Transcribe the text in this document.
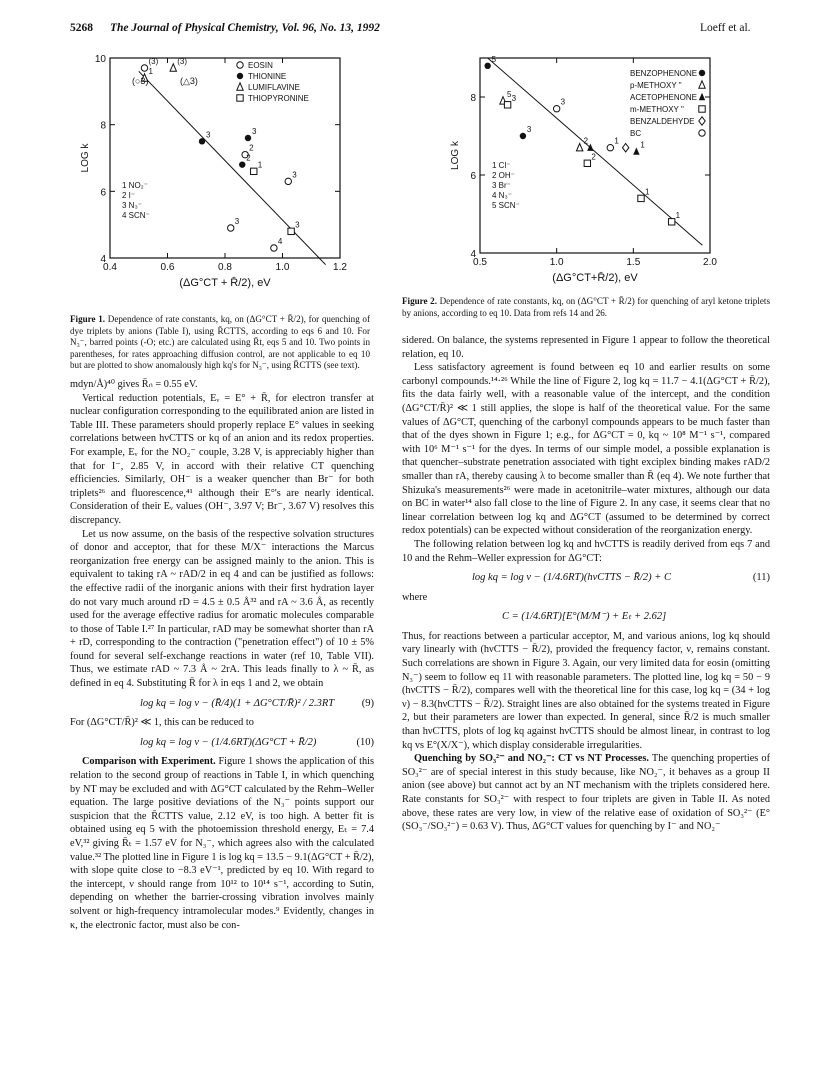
5268 The Journal of Physical Chemistry, Vol. 96, No. 13, 1992	Loeff et al.
0.4	0.6	0.8	1.0	1.2
4
6
8
10	(3)
2
3
3
4
3	3
2
1
(3)
1
3
LOG k
(ΔG°CT + R̄/2), eV
EOSIN
THIONINE
LUMIFLAVINE
THIOPYRONINE
1 NO₂⁻
2 I⁻
3 N₃⁻
4 SCN⁻
(○3)	(△3)
Figure 1. Dependence of rate constants, kq, on (ΔG°CT + R̄/2), for quenching of dye triplets by anions (Table I), using R̄CTTS, according to eqs 6 and 10. For N₃⁻, barred points (-O; etc.) are calculated using R̄t, eqs 5 and 10. Two points in parentheses, for rates approaching diffusion control, are not applicable to eq 10 but are plotted to show anomalously high kq's for N₃⁻, using R̄CTTS (see text).
0.5	1.0	1.5	2.0
4
6
8
5
3
5
2	1
3
2
1
1
1
3
LOG k
(ΔG°CT+R̄/2), eV
BENZOPHENONE
p-METHOXY "
ACETOPHENONE
m-METHOXY "
BENZALDEHYDE
BC
1 Cl⁻
2 OH⁻
3 Br⁻
4 N₃⁻
5 SCN⁻
Figure 2. Dependence of rate constants, kq, on (ΔG°CT + R̄/2) for quenching of aryl ketone triplets by anions, according to eq 10. Data from refs 14 and 26.

mdyn/Å)⁴⁰ gives R̄ₙ = 0.55 eV.

Vertical reduction potentials, Eᵥ = E° + R̄, for electron transfer at nuclear configuration corresponding to the equilibrated anion are listed in Table III. These parameters should properly replace E° values in seeking correlations between hνCTTS or kq of an anion and its redox properties. For example, Eᵥ for the NO₂⁻ couple, 3.28 V, is appreciably higher than that for I⁻, 2.85 V, in accord with their relative CT quenching efficiencies. Similarly, OH⁻ is a weaker quencher than Br⁻ for both triplets²⁶ and fluorescence,⁴¹ although their E°'s are nearly identical. Consideration of their Eᵥ values (OH⁻, 3.97 V; Br⁻, 3.67 V) resolves this discrepancy.

Let us now assume, on the basis of the respective solvation structures of donor and acceptor, that for these M/X⁻ interactions the Marcus reorganization free energy can be assigned mainly to the anion. This is equivalent to taking rA ~ rAD/2 in eq 4 and can be justified as follows: the effective radii of the inorganic anions with their first hydration layer do not vary much around rD = 4.5 ± 0.5 Å³² and rA ~ 3.6 Å, as recently used for the average effective radius for aromatic molecules comparable to those of Table I.²⁷ In particular, rAD may be somewhat shorter than rA + rD, corresponding to the contraction ("penetration effect") of 10 ± 5% found for several self-exchange reactions in water (ref 10, Table VII). Thus, we estimate rAD ~ 7.3 Å ~ 2rA. This leads finally to λ ~ R̄, as defined in eq 4. Substituting R̄ for λ in eqs 1 and 2, we obtain

log kq = log ν − (R̄/4)(1 + ΔG°CT/R̄)² / 2.3RT	(9)

For (ΔG°CT/R̄)² ≪ 1, this can be reduced to

log kq = log ν − (1/4.6RT)(ΔG°CT + R̄/2)	(10)

Comparison with Experiment. Figure 1 shows the application of this relation to the second group of reactions in Table I, in which quenching by NT may be excluded and with ΔG°CT calculated by the Rehm–Weller equation. The large positive deviations of the N₃⁻ points support our suspicion that the R̄CTTS value, 2.12 eV, is too high. A better fit is obtained using eq 5 with the photoemission threshold energy, Eₜ = 7.4 eV,³² giving R̄ₜ = 1.57 eV for N₃⁻, which agrees also with the calculated value.³² The plotted line in Figure 1 is log kq = 13.5 − 9.1(ΔG°CT + R̄/2), with slope quite close to −8.3 eV⁻¹, predicted by eq 10. With regard to the intercept, ν should range from 10¹² to 10¹⁴ s⁻¹, according to Sutin, depending on whether the barrier-crossing vibration involves mainly solvent or high-frequency intramolecular modes.⁹ Evidently, changes in κ, the electronic factor, must also be con-

sidered. On balance, the systems represented in Figure 1 appear to follow the theoretical relation, eq 10.

Less satisfactory agreement is found between eq 10 and earlier results on some carbonyl compounds.¹⁴·²⁶ While the line of Figure 2, log kq = 11.7 − 4.1(ΔG°CT + R̄/2), fits the data fairly well, with a reasonable value of the intercept, and the condition (ΔG°CT/R̄)² ≪ 1 still applies, the slope is half of the theoretical value. For the same values of ΔG°CT, quenching of the carbonyl compounds appears to be much faster than that of the dyes shown in Figure 1; e.g., for ΔG°CT = 0, kq ~ 10⁸ M⁻¹ s⁻¹, compared with 10⁶ M⁻¹ s⁻¹ for the dyes. In terms of our simple model, a possible explanation is that quencher–substrate penetration associated with tight exciplex binding makes rAD/2 smaller than rA, thereby causing λ to become smaller than R̄ (eq 4). We note further that Shizuka's measurements²⁶ were made in acetonitrile–water mixtures, although our data on BC in water¹⁴ also fall close to the line of Figure 2. In any case, it seems clear that no linear correlation between log kq and ΔG°CT (assumed to be determined by correct redox potentials) can be expected without consideration of the reorganization energy.

The following relation between log kq and hνCTTS is readily derived from eqs 7 and 10 and the Rehm–Weller expression for ΔG°CT:

log kq = log ν − (1/4.6RT)(hνCTTS − R̄/2) + C	(11)

where

C = (1/4.6RT)[E°(M/M⁻) + Eₜ + 2.62]

Thus, for reactions between a particular acceptor, M, and various anions, log kq should vary linearly with (hνCTTS − R̄/2), provided the frequency factor, ν, remains constant. Such correlations are shown in Figure 3. Again, our very limited data for eosin (omitting N₃⁻) seem to follow eq 11 with reasonable parameters. The plotted line, log kq = 50 − 9 (hνCTTS − R̄/2), compares well with the theoretical line for this case, log kq = (34 + log ν) − 8.3(hνCTTS − R̄/2). Straight lines are also obtained for the systems treated in Figure 2, but their parameters are lower than expected. In general, since R̄/2 is much smaller than hνCTTS, plots of log kq against hνCTTS should be almost linear, in contrast to log kq vs E°(X/X⁻), which display considerable irregularities.

Quenching by SO₃²⁻ and NO₂⁻: CT vs NT Processes. The quenching properties of SO₃²⁻ are of special interest in this study because, like NO₂⁻, it behaves as a group II anion (see above) but cannot act by an NT mechanism with the triplets considered here. Rate constants for SO₃²⁻ with respect to four triplets are given in Table II. As noted above, these rates are very low, in view of the relative ease of oxidation of SO₃²⁻ (E°(SO₃⁻/SO₃²⁻) = 0.63 V). Thus, ΔG°CT values for quenching by I⁻ and NO₂⁻
